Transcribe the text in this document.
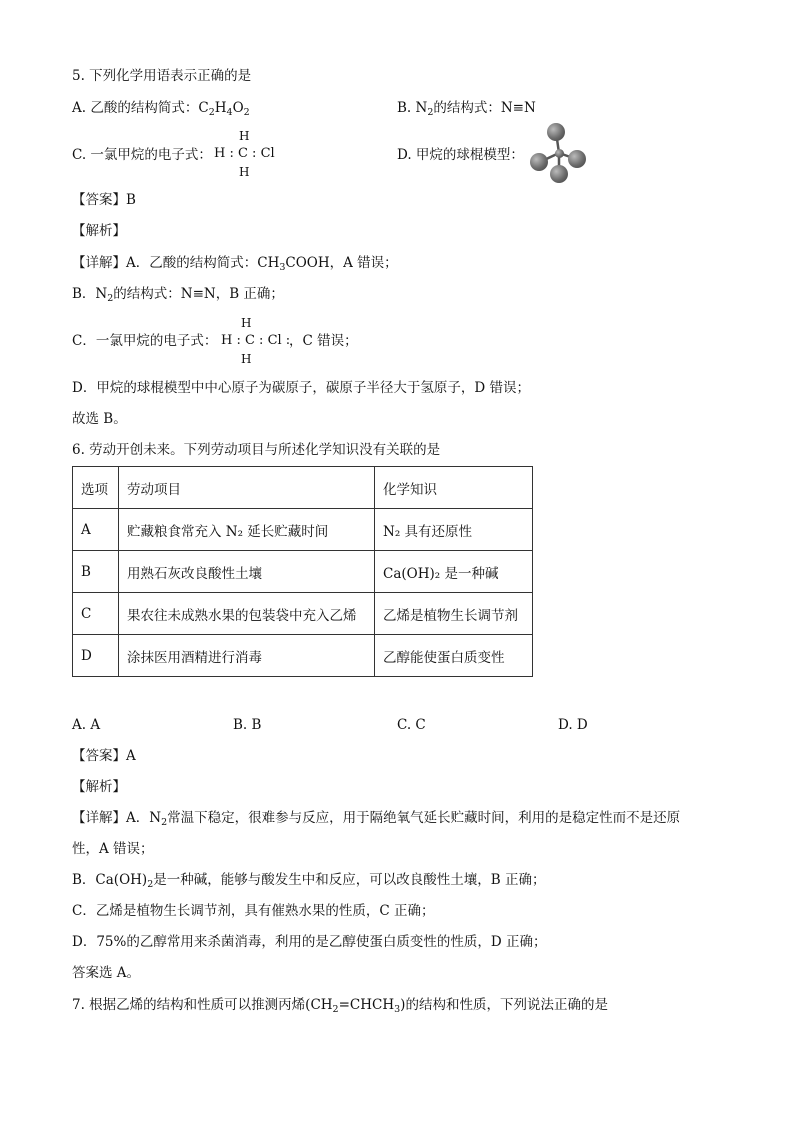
5. 下列化学用语表示正确的是
A. 乙酸的结构简式：$C_2H_4O_2$	B. $N_2$的结构式：N≡N
C. 一氯甲烷的电子式：
H
H : C : Cl
H
D. 甲烷的球棍模型：
【答案】B
【解析】
【详解】A．乙酸的结构简式：$CH_3COOH$，A 错误；
B．$N_2$的结构式：N≡N，B 正确；
C．一氯甲烷的电子式：
H
H : C : Cl :
H
，C 错误；
D．甲烷的球棍模型中中心原子为碳原子，碳原子半径大于氢原子，D 错误；
故选 B。
6. 劳动开创未来。下列劳动项目与所述化学知识没有关联的是
选项	劳动项目	化学知识
A	贮藏粮食常充入 N₂ 延长贮藏时间	N₂ 具有还原性
B	用熟石灰改良酸性土壤	Ca(OH)₂ 是一种碱
C	果农往未成熟水果的包装袋中充入乙烯	乙烯是植物生长调节剂
D	涂抹医用酒精进行消毒	乙醇能使蛋白质变性
A. A	B. B	C. C	D. D
【答案】A
【解析】
【详解】A．$N_2$常温下稳定，很难参与反应，用于隔绝氧气延长贮藏时间，利用的是稳定性而不是还原
性，A 错误；
B．$Ca(OH)_2$是一种碱，能够与酸发生中和反应，可以改良酸性土壤，B 正确；
C．乙烯是植物生长调节剂，具有催熟水果的性质，C 正确；
D．75%的乙醇常用来杀菌消毒，利用的是乙醇使蛋白质变性的性质，D 正确；
答案选 A。
7. 根据乙烯的结构和性质可以推测丙烯$(CH_2=CHCH_3)$的结构和性质，下列说法正确的是
